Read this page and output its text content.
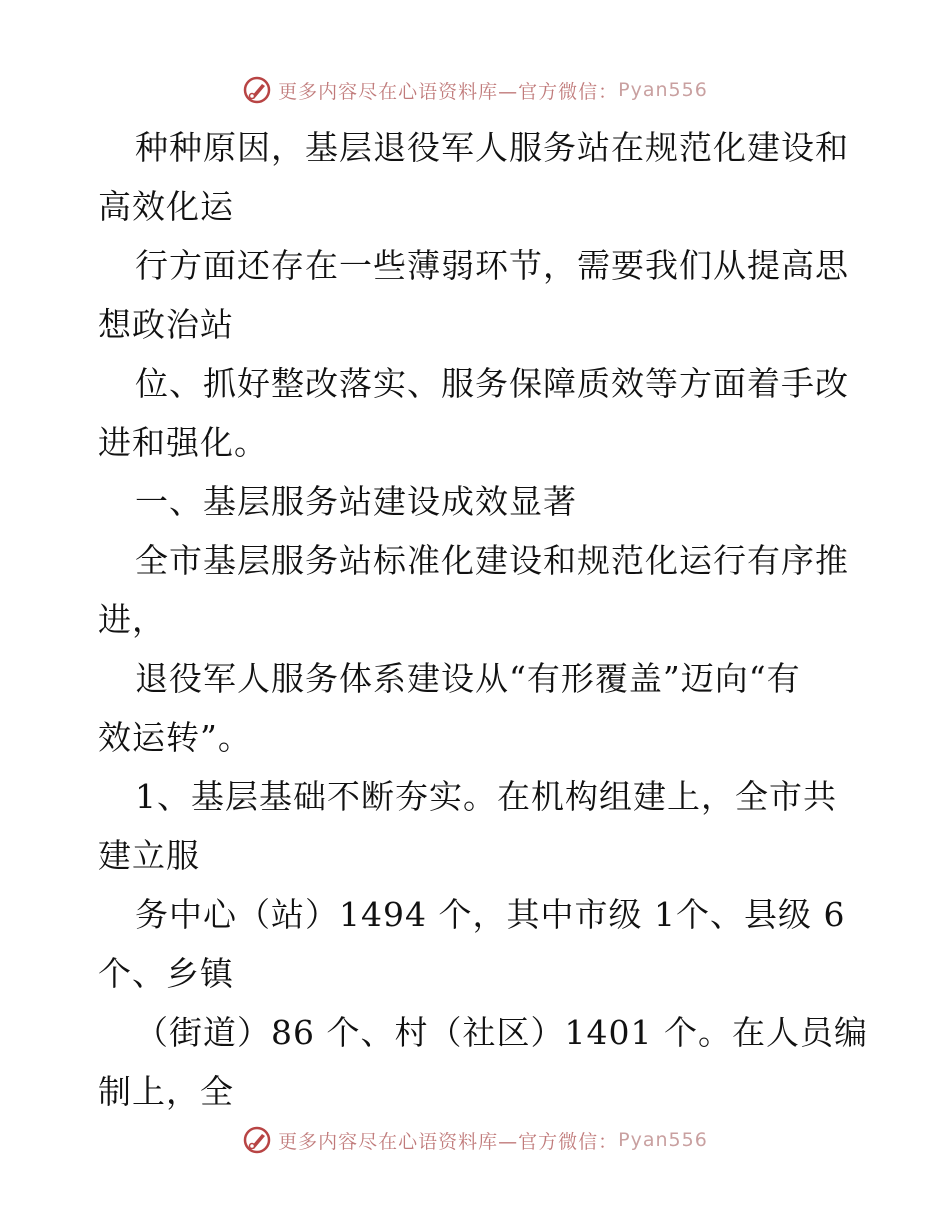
更多内容尽在心语资料库—官方微信： Pyan556
种种原因，基层退役军人服务站在规范化建设和
高效化运
行方面还存在一些薄弱环节，需要我们从提高思
想政治站
位、抓好整改落实、服务保障质效等方面着手改
进和强化。
一、基层服务站建设成效显著
全市基层服务站标准化建设和规范化运行有序推
进，
退役军人服务体系建设从“有形覆盖”迈向“有
效运转”。
1、基层基础不断夯实。在机构组建上，全市共
建立服
务中心（站）1494 个，其中市级 1个、县级 6
个、乡镇
（街道）86 个、村（社区）1401 个。在人员编
制上，全
更多内容尽在心语资料库—官方微信： Pyan556
